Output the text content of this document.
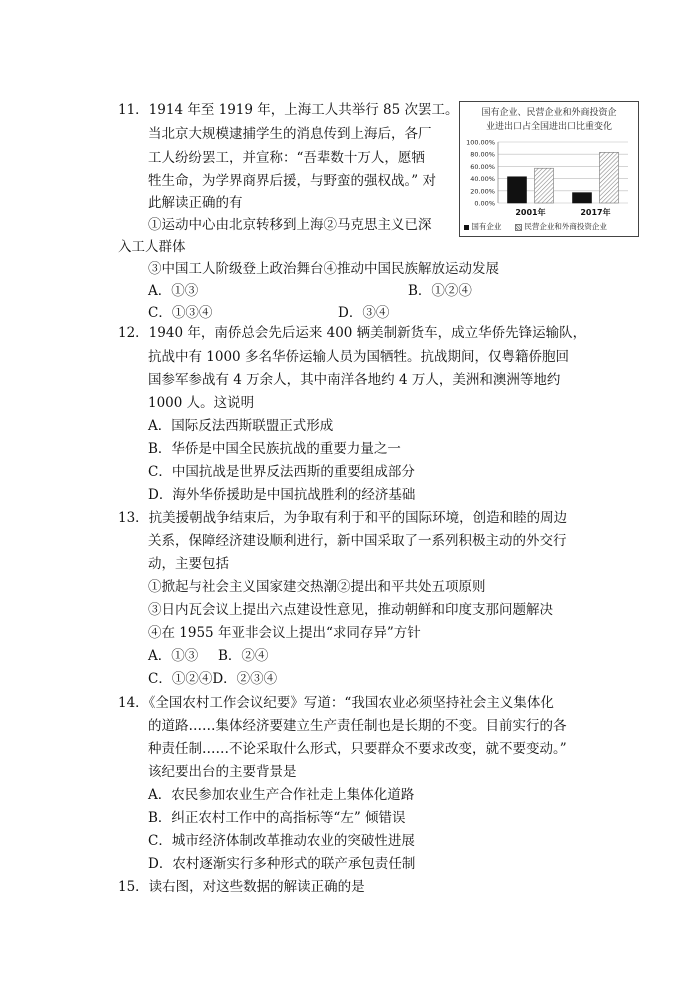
11．1914 年至 1919 年，上海工人共举行 85 次罢工。
当北京大规模逮捕学生的消息传到上海后，各厂
工人纷纷罢工，并宣称：“吾辈数十万人，愿牺
牲生命，为学界商界后援，与野蛮的强权战。” 对
此解读正确的有
①运动中心由北京转移到上海②马克思主义已深
入工人群体
③中国工人阶级登上政治舞台④推动中国民族解放运动发展
A．①③	B．①②④
C．①③④	D．③④
国有企业、民营企业和外商投资企
业进出口占全国进出口比重变化
100.00%
80.00%
60.00%
40.00%
20.00%
0.00%
2001年	2017年
国有企业	民营企业和外商投资企业
12．1940 年，南侨总会先后运来 400 辆美制新货车，成立华侨先锋运输队，
抗战中有 1000 多名华侨运输人员为国牺牲。抗战期间，仅粤籍侨胞回
国参军参战有 4 万余人，其中南洋各地约 4 万人，美洲和澳洲等地约
1000 人。这说明
A．国际反法西斯联盟正式形成
B．华侨是中国全民族抗战的重要力量之一
C．中国抗战是世界反法西斯的重要组成部分
D．海外华侨援助是中国抗战胜利的经济基础
13．抗美援朝战争结束后，为争取有利于和平的国际环境，创造和睦的周边
关系，保障经济建设顺利进行，新中国采取了一系列积极主动的外交行
动，主要包括
①掀起与社会主义国家建交热潮②提出和平共处五项原则
③日内瓦会议上提出六点建设性意见，推动朝鲜和印度支那问题解决
④在 1955 年亚非会议上提出“求同存异”方针
A．①③ B．②④
C．①②④D．②③④
14．《全国农村工作会议纪要》写道：“我国农业必须坚持社会主义集体化
的道路……集体经济要建立生产责任制也是长期的不变。目前实行的各
种责任制……不论采取什么形式，只要群众不要求改变，就不要变动。”
该纪要出台的主要背景是
A．农民参加农业生产合作社走上集体化道路
B．纠正农村工作中的高指标等“左” 倾错误
C．城市经济体制改革推动农业的突破性进展
D．农村逐渐实行多种形式的联产承包责任制
15．读右图，对这些数据的解读正确的是
